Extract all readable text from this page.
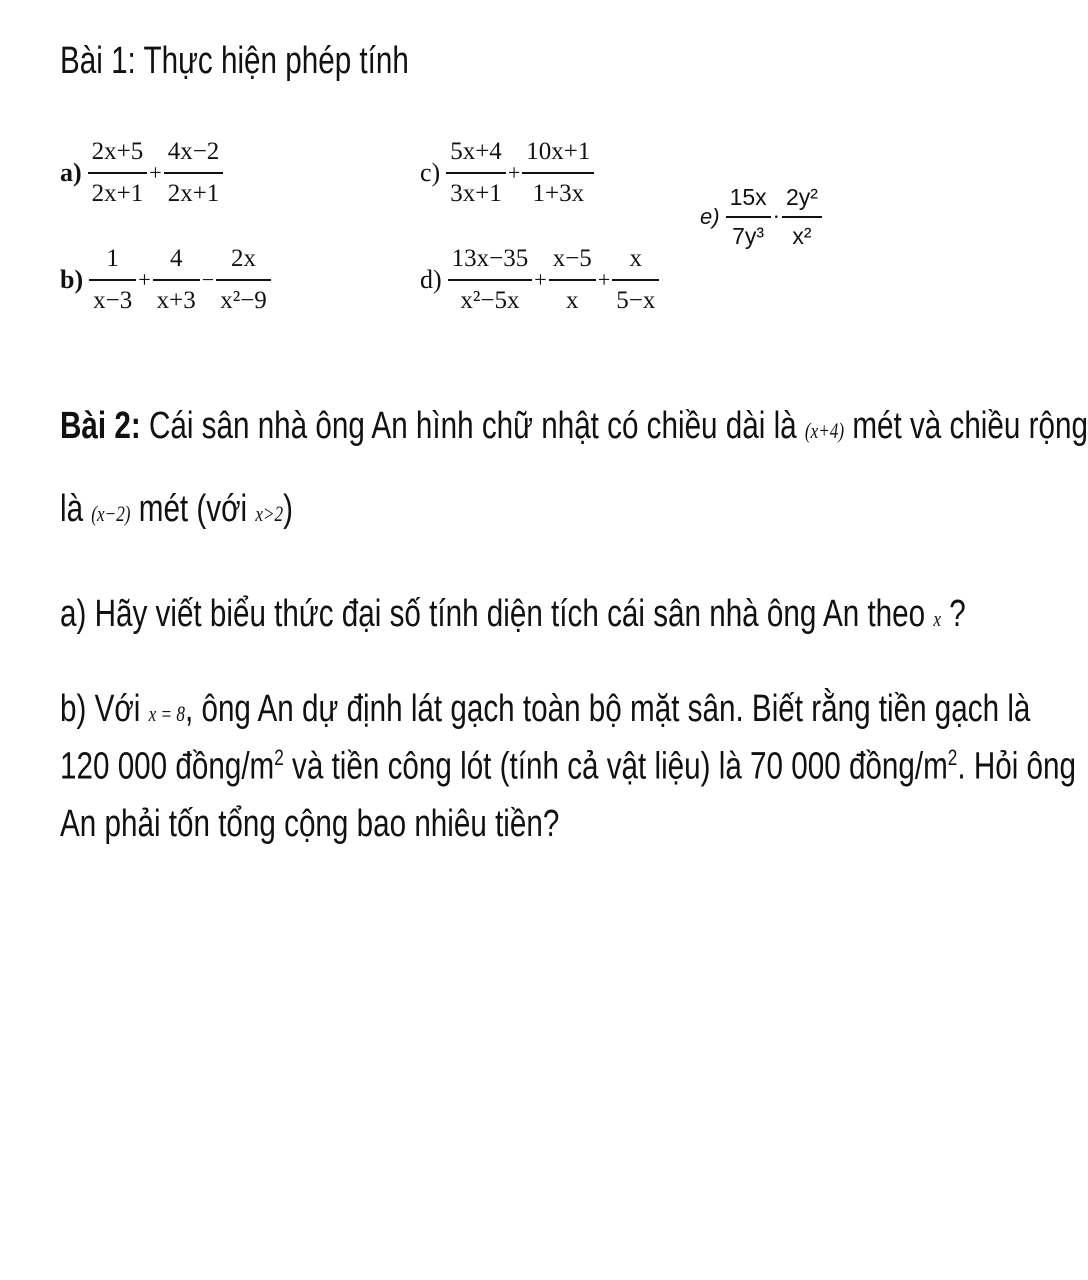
Bài 1: Thực hiện phép tính
$a) \frac{2x+5}{2x+1} + \frac{4x-2}{2x+1}$
$b) \frac{1}{x-3} + \frac{4}{x+3} - \frac{2x}{\text{x²−9}}$
$c) \frac{5x+4}{3x+1} + \frac{10x+1}{1+3x}$
$d) \frac{13x-35}{\text{x²−5x}} + \frac{x-5}{x} + \frac{x}{5-x}$
$e) \frac{15x}{\text{7y³}} \cdot \frac{\text{2y²}}{\text{x²}}$
Bài 2: Cái sân nhà ông An hình chữ nhật có chiều dài là (x+4) mét và chiều rộng
là (x−2) mét (với x>2)
a) Hãy viết biểu thức đại số tính diện tích cái sân nhà ông An theo x ?
b) Với x = 8, ông An dự định lát gạch toàn bộ mặt sân. Biết rằng tiền gạch là
120 000 đồng/$m^2$ và tiền công lót (tính cả vật liệu) là 70 000 đồng/$m^2$. Hỏi ông
An phải tốn tổng cộng bao nhiêu tiền?
